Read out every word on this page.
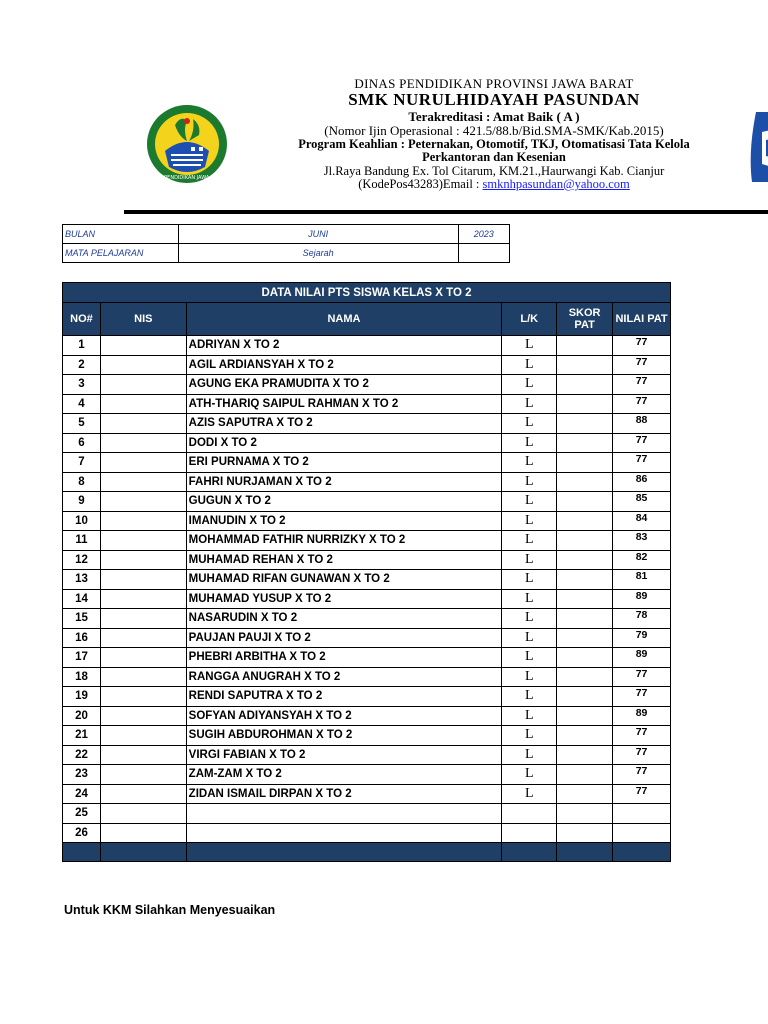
DINAS PENDIDIKAN JAWA BARAT
DINAS PENDIDIKAN PROVINSI JAWA BARAT
SMK NURULHIDAYAH PASUNDAN
Terakreditasi : Amat Baik ( A )
(Nomor Ijin Operasional : 421.5/88.b/Bid.SMA-SMK/Kab.2015)
Program Keahlian : Peternakan, Otomotif, TKJ, Otomatisasi Tata Kelola
Perkantoran dan Kesenian
Jl.Raya Bandung Ex. Tol Citarum, KM.21.,Haurwangi Kab. Cianjur
(KodePos43283)Email : smknhpasundan@yahoo.com
BULAN	JUNI	2023
MATA PELAJARAN	Sejarah	
DATA NILAI PTS SISWA KELAS X TO 2					
NO#	NIS	NAMA	L/K	SKOR PAT	NILAI PAT
1		ADRIYAN X TO 2	L		77
2		AGIL ARDIANSYAH X TO 2	L		77
3		AGUNG EKA PRAMUDITA X TO 2	L		77
4		ATH-THARIQ SAIPUL RAHMAN X TO 2	L		77
5		AZIS SAPUTRA X TO 2	L		88
6		DODI X TO 2	L		77
7		ERI PURNAMA X TO 2	L		77
8		FAHRI NURJAMAN X TO 2	L		86
9		GUGUN X TO 2	L		85
10		IMANUDIN X TO 2	L		84
11		MOHAMMAD FATHIR NURRIZKY X TO 2	L		83
12		MUHAMAD REHAN X TO 2	L		82
13		MUHAMAD RIFAN GUNAWAN X TO 2	L		81
14		MUHAMAD YUSUP X TO 2	L		89
15		NASARUDIN X TO 2	L		78
16		PAUJAN PAUJI X TO 2	L		79
17		PHEBRI ARBITHA X TO 2	L		89
18		RANGGA ANUGRAH X TO 2	L		77
19		RENDI SAPUTRA X TO 2	L		77
20		SOFYAN ADIYANSYAH X TO 2	L		89
21		SUGIH ABDUROHMAN X TO 2	L		77
22		VIRGI FABIAN X TO 2	L		77
23		ZAM-ZAM X TO 2	L		77
24		ZIDAN ISMAIL DIRPAN X TO 2	L		77
25					
26					

Untuk KKM Silahkan Menyesuaikan
